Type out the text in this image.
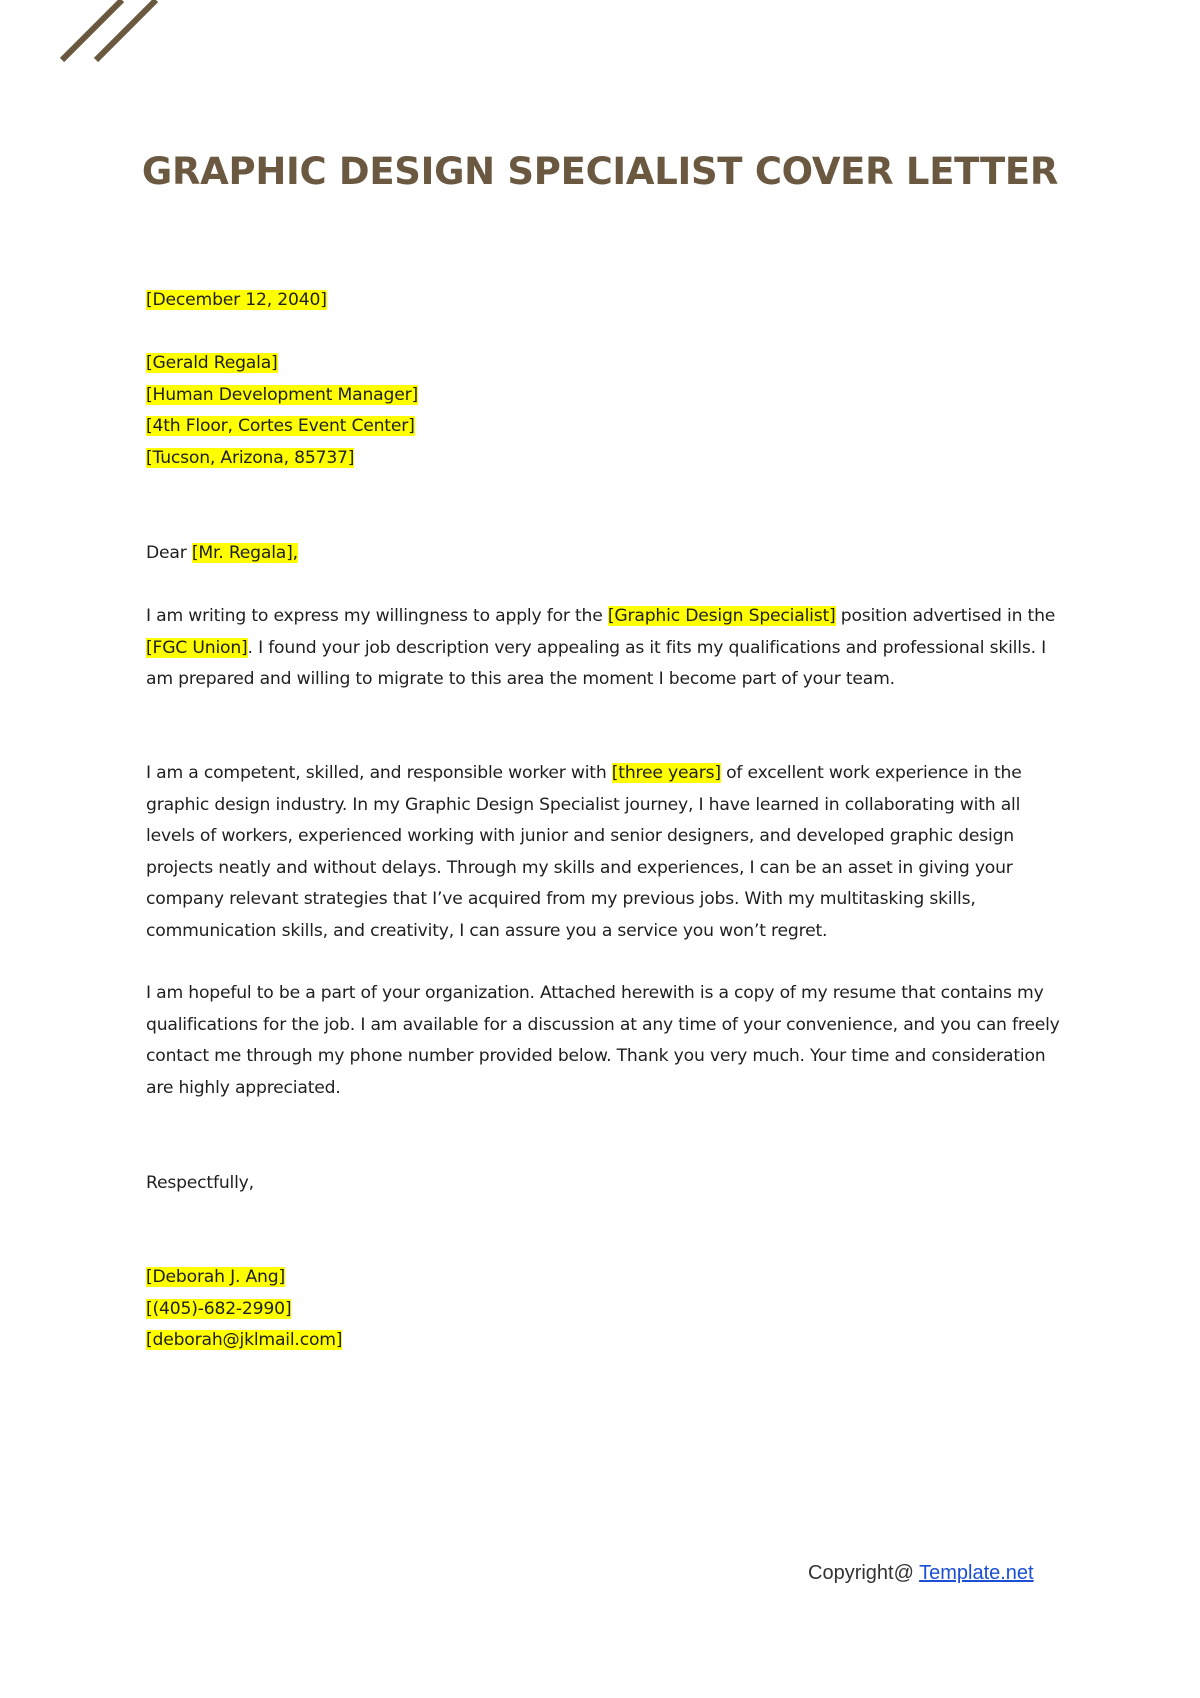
GRAPHIC DESIGN SPECIALIST COVER LETTER
[December 12, 2040]
[Gerald Regala]
[Human Development Manager]
[4th Floor, Cortes Event Center]
[Tucson, Arizona, 85737]
Dear [Mr. Regala],

I am writing to express my willingness to apply for the [Graphic Design Specialist] position advertised in the [FGC Union]. I found your job description very appealing as it fits my qualifications and professional skills. I am prepared and willing to migrate to this area the moment I become part of your team.

I am a competent, skilled, and responsible worker with [three years] of excellent work experience in the graphic design industry. In my Graphic Design Specialist journey, I have learned in collaborating with all levels of workers, experienced working with junior and senior designers, and developed graphic design projects neatly and without delays. Through my skills and experiences, I can be an asset in giving your company relevant strategies that I’ve acquired from my previous jobs. With my multitasking skills, communication skills, and creativity, I can assure you a service you won’t regret.

I am hopeful to be a part of your organization. Attached herewith is a copy of my resume that contains my qualifications for the job. I am available for a discussion at any time of your convenience, and you can freely contact me through my phone number provided below. Thank you very much. Your time and consideration are highly appreciated.

Respectfully,
[Deborah J. Ang]
[(405)-682-2990]
[deborah@jklmail.com]
Copyright@ Template.net
